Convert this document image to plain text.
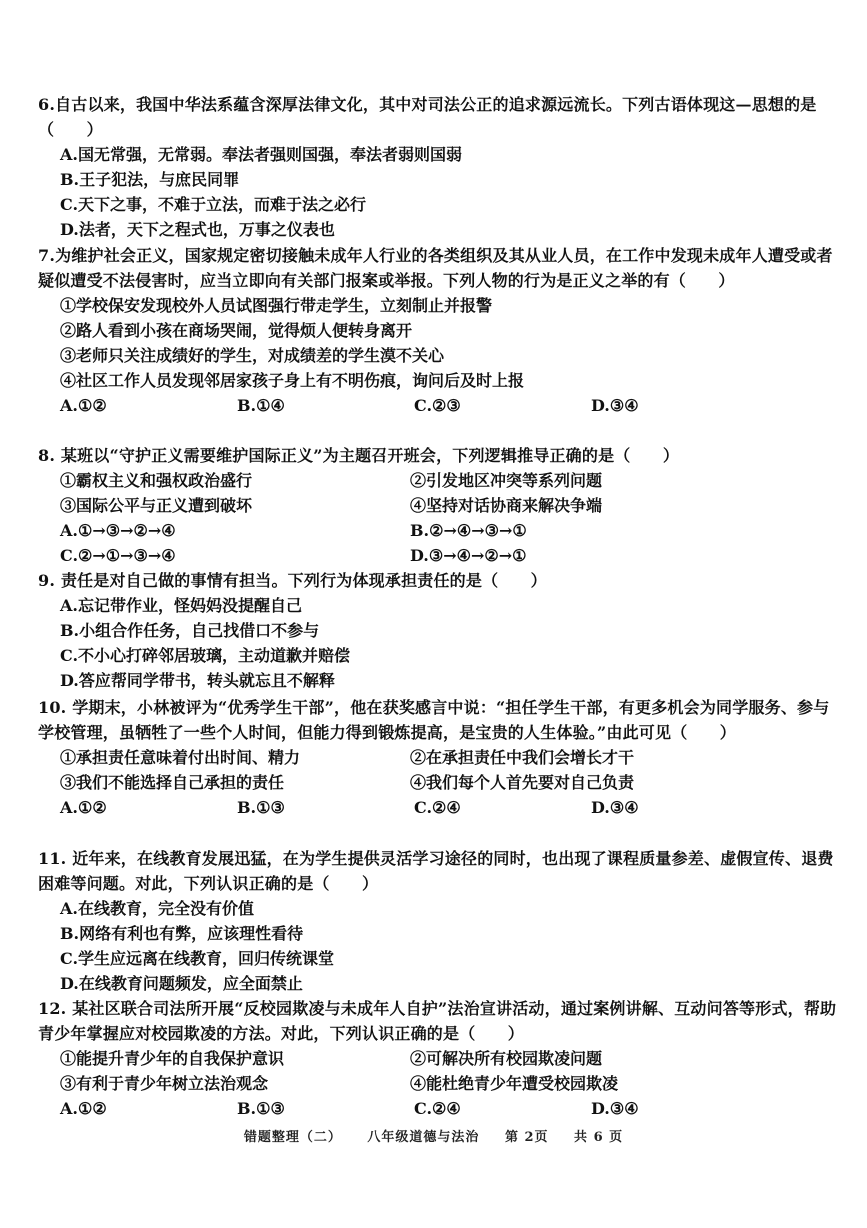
6.自古以来，我国中华法系蕴含深厚法律文化，其中对司法公正的追求源远流长。下列古语体现这—思想的是（　　）
A.国无常强，无常弱。奉法者强则国强，奉法者弱则国弱
B.王子犯法，与庶民同罪
C.天下之事，不难于立法，而难于法之必行
D.法者，天下之程式也，万事之仪表也
7.为维护社会正义，国家规定密切接触未成年人行业的各类组织及其从业人员，在工作中发现未成年人遭受或者疑似遭受不法侵害时，应当立即向有关部门报案或举报。下列人物的行为是正义之举的有（　　）
①学校保安发现校外人员试图强行带走学生，立刻制止并报警
②路人看到小孩在商场哭闹，觉得烦人便转身离开
③老师只关注成绩好的学生，对成绩差的学生漠不关心
④社区工作人员发现邻居家孩子身上有不明伤痕，询问后及时上报
A.①②	B.①④	C.②③	D.③④
8. 某班以“守护正义需要维护国际正义”为主题召开班会，下列逻辑推导正确的是（　　）
①霸权主义和强权政治盛行	②引发地区冲突等系列问题
③国际公平与正义遭到破坏	④坚持对话协商来解决争端
A.①→③→②→④	B.②→④→③→①
C.②→①→③→④	D.③→④→②→①
9. 责任是对自己做的事情有担当。下列行为体现承担责任的是（　　）
A.忘记带作业，怪妈妈没提醒自己
B.小组合作任务，自己找借口不参与
C.不小心打碎邻居玻璃，主动道歉并赔偿
D.答应帮同学带书，转头就忘且不解释
10. 学期末，小林被评为“优秀学生干部”，他在获奖感言中说：“担任学生干部，有更多机会为同学服务、参与学校管理，虽牺牲了一些个人时间，但能力得到锻炼提高，是宝贵的人生体验。”由此可见（　　）
①承担责任意味着付出时间、精力	②在承担责任中我们会增长才干
③我们不能选择自己承担的责任	④我们每个人首先要对自己负责
A.①②	B.①③	C.②④	D.③④
11. 近年来，在线教育发展迅猛，在为学生提供灵活学习途径的同时，也出现了课程质量参差、虚假宣传、退费困难等问题。对此，下列认识正确的是（　　）
A.在线教育，完全没有价值
B.网络有利也有弊，应该理性看待
C.学生应远离在线教育，回归传统课堂
D.在线教育问题频发，应全面禁止
12. 某社区联合司法所开展“反校园欺凌与未成年人自护”法治宣讲活动，通过案例讲解、互动问答等形式，帮助青少年掌握应对校园欺凌的方法。对此，下列认识正确的是（　　）
①能提升青少年的自我保护意识	②可解决所有校园欺凌问题
③有利于青少年树立法治观念	④能杜绝青少年遭受校园欺凌
A.①②	B.①③	C.②④	D.③④
错题整理（二） 八年级道德与法治 第 2页 共 6 页
